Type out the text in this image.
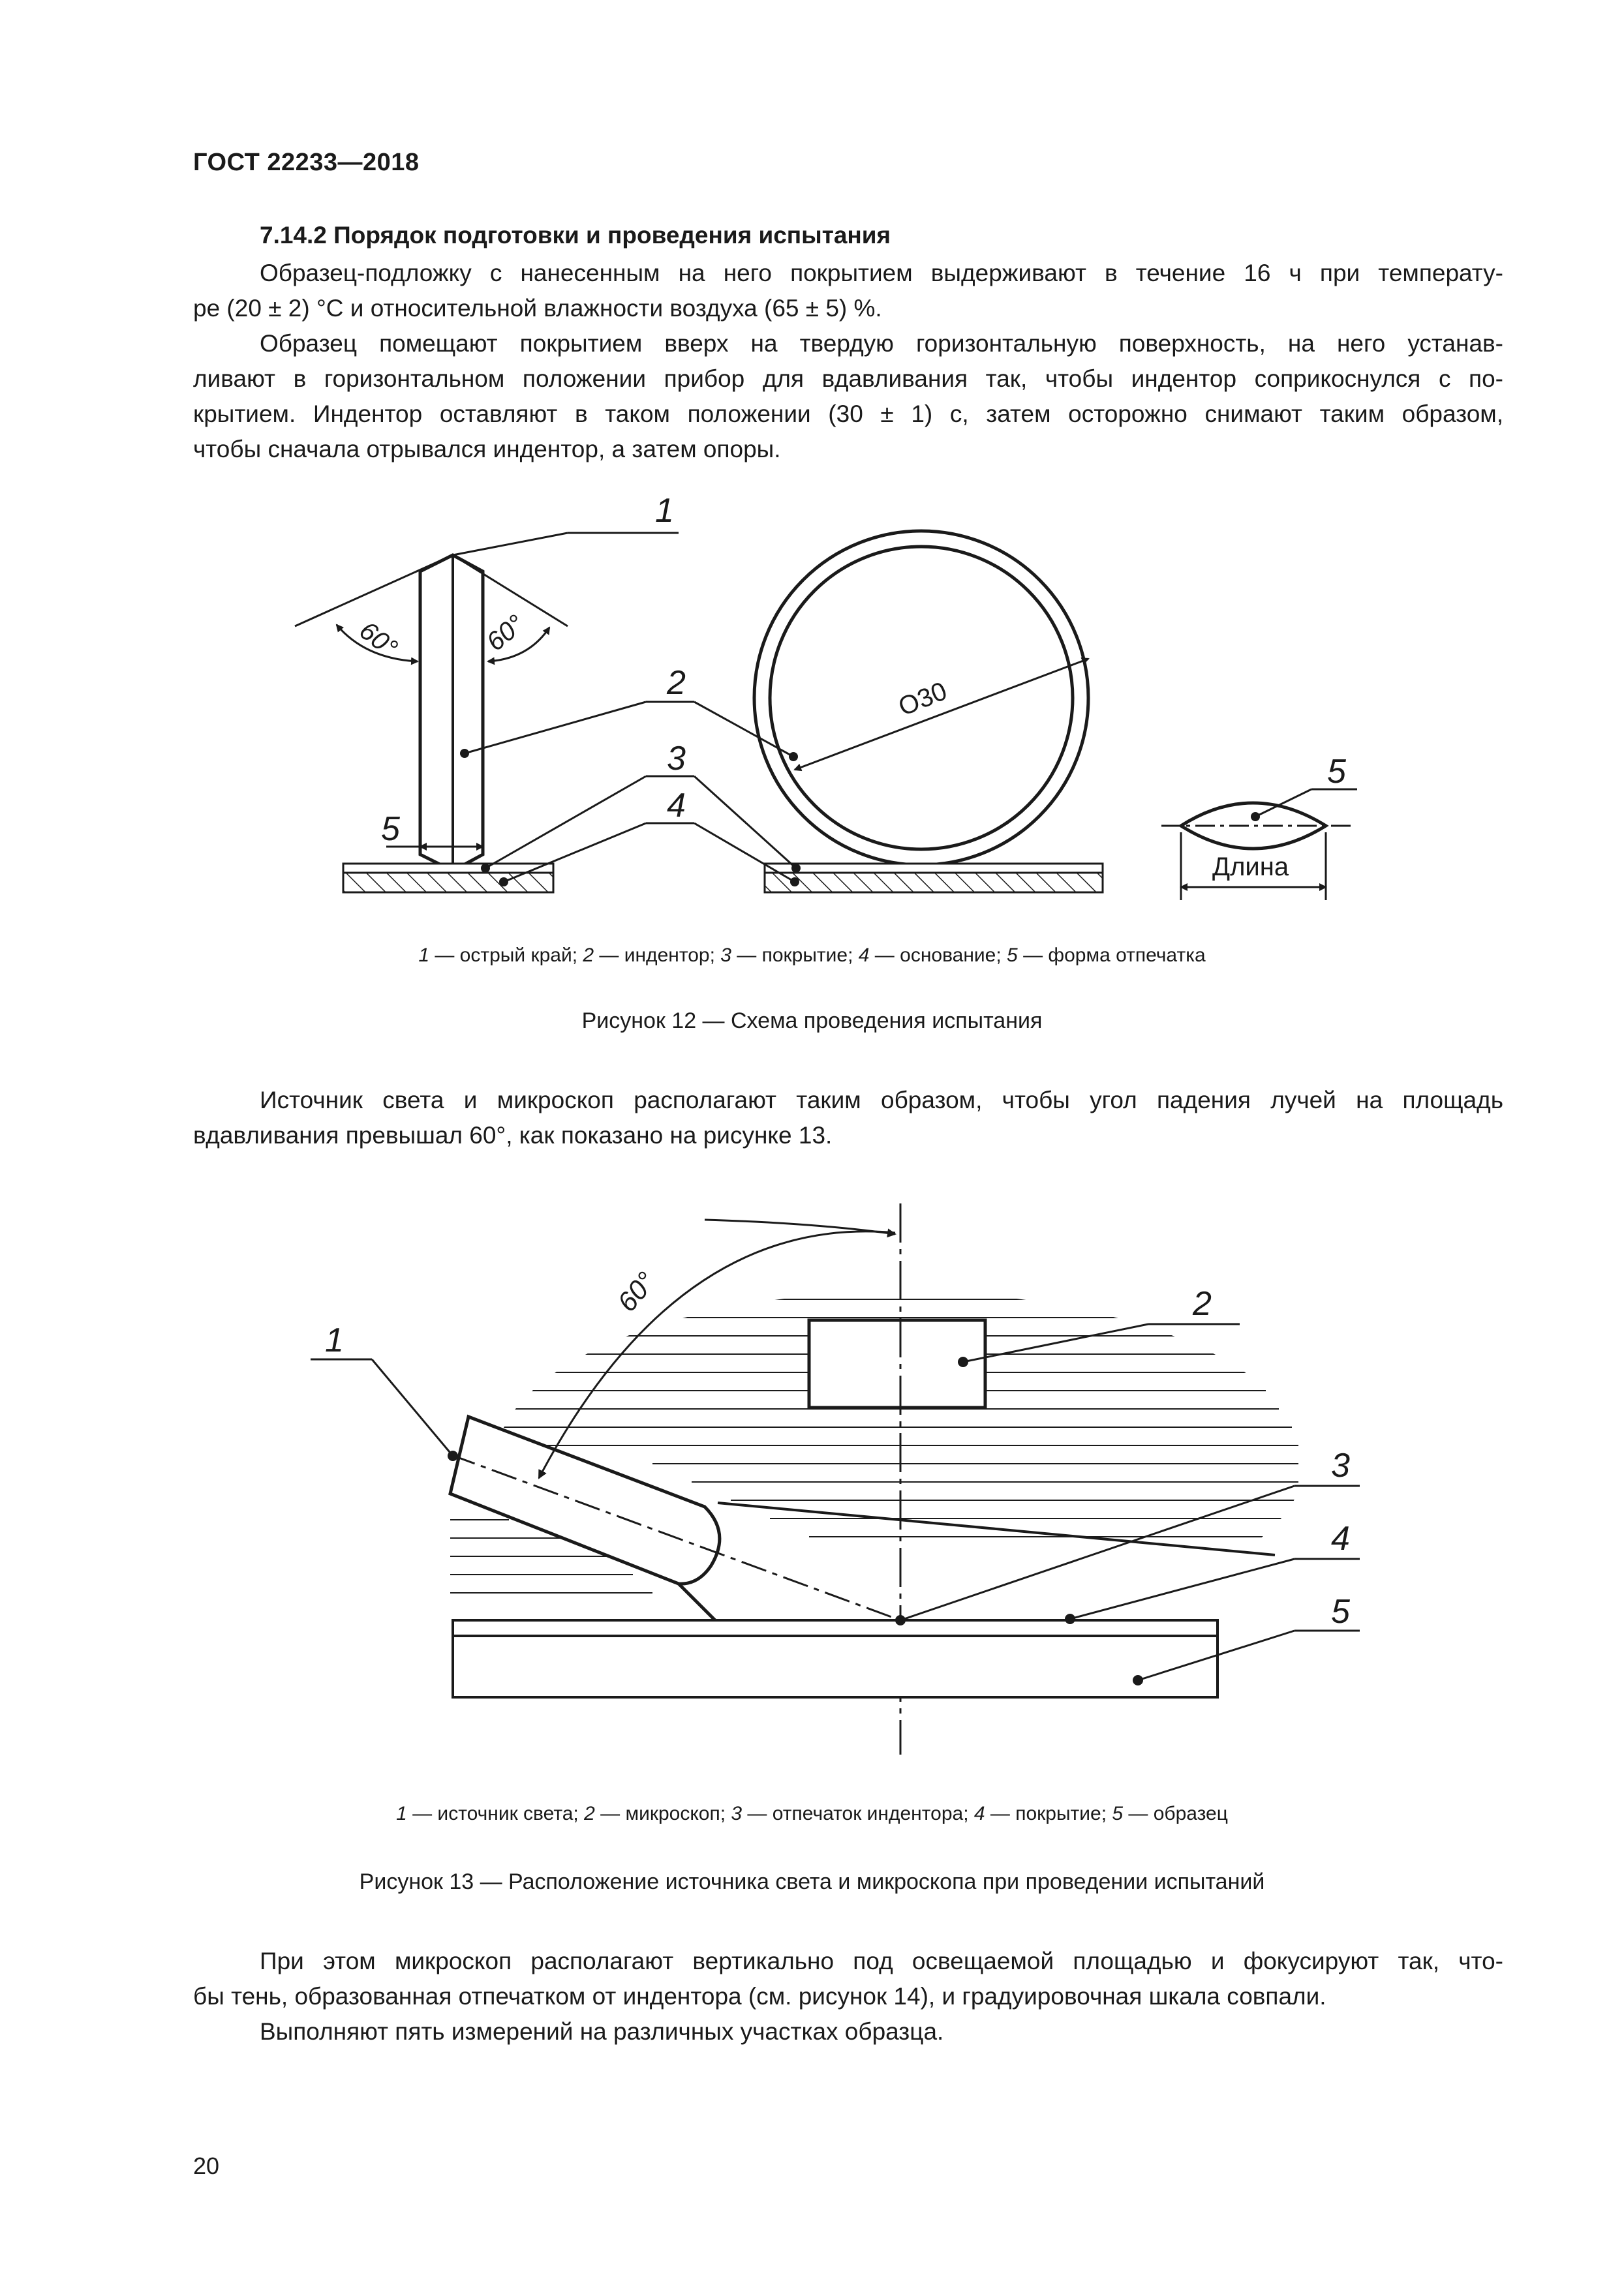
ГОСТ 22233—2018
7.14.2 Порядок подготовки и проведения испытания
Образец-подложку с нанесенным на него покрытием выдерживают в течение 16 ч при температу-
ре (20 ± 2) °С и относительной влажности воздуха (65 ± 5) %.
Образец помещают покрытием вверх на твердую горизонтальную поверхность, на него устанав-
ливают в горизонтальном положении прибор для вдавливания так, чтобы индентор соприкоснулся с по-
крытием. Индентор оставляют в таком положении (30 ± 1) с, затем осторожно снимают таким образом,
чтобы сначала отрывался индентор, а затем опоры.
1
2
3
4
5
5
60°	60°
О30
Длина
1 — острый край; 2 — индентор; 3 — покрытие; 4 — основание; 5 — форма отпечатка
Рисунок 12 — Схема проведения испытания
Источник света и микроскоп располагают таким образом, чтобы угол падения лучей на площадь
вдавливания превышал 60°, как показано на рисунке 13.
1
2
3
4
5
60°
1 — источник света; 2 — микроскоп; 3 — отпечаток индентора; 4 — покрытие; 5 — образец
Рисунок 13 — Расположение источника света и микроскопа при проведении испытаний
При этом микроскоп располагают вертикально под освещаемой площадью и фокусируют так, что-
бы тень, образованная отпечатком от индентора (см. рисунок 14), и градуировочная шкала совпали.
Выполняют пять измерений на различных участках образца.
20
